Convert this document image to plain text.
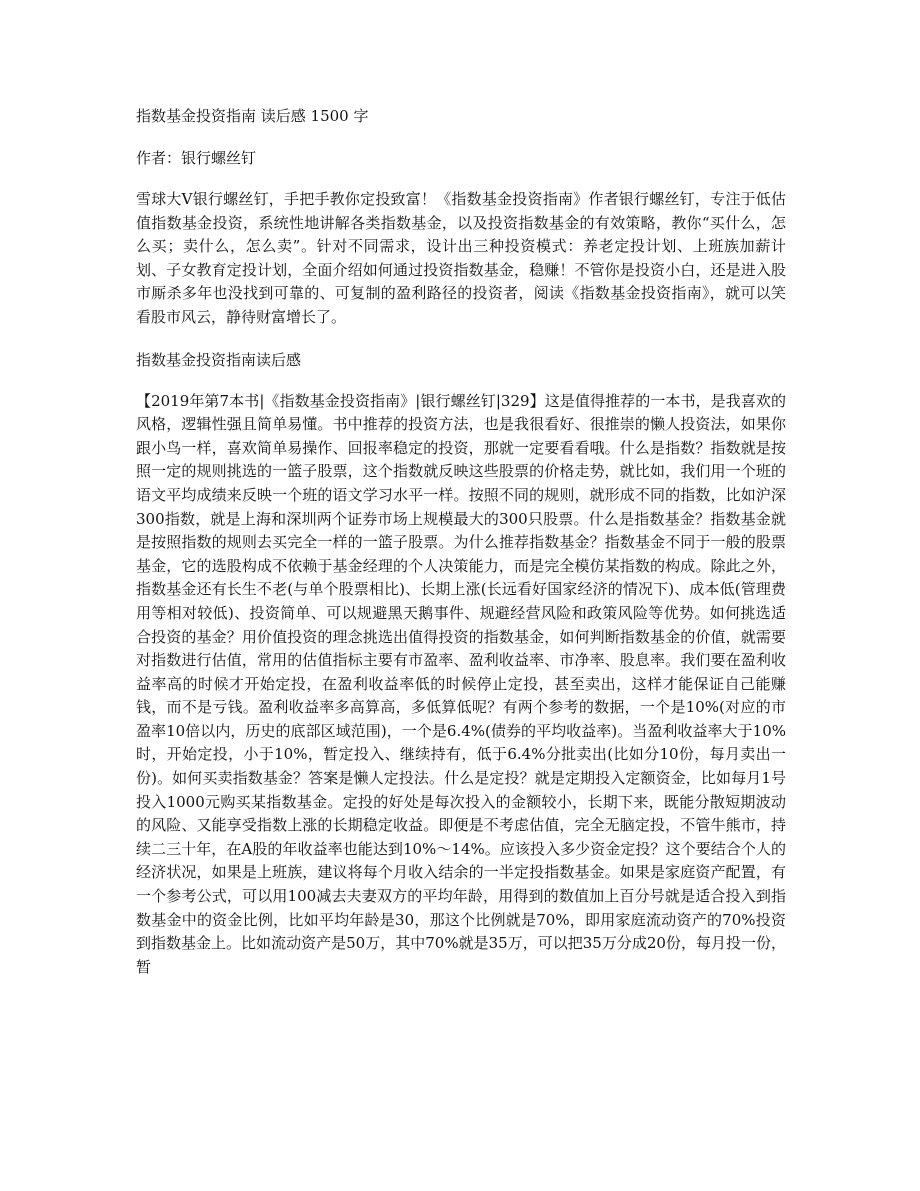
指数基金投资指南 读后感 1500 字

作者：银行螺丝钉

雪球大V银行螺丝钉，手把手教你定投致富！《指数基金投资指南》作者银行螺丝钉，专注于低估值指数基金投资，系统性地讲解各类指数基金，以及投资指数基金的有效策略，教你“买什么，怎么买；卖什么，怎么卖”。针对不同需求，设计出三种投资模式：养老定投计划、上班族加薪计划、子女教育定投计划，全面介绍如何通过投资指数基金，稳赚！不管你是投资小白，还是进入股市厮杀多年也没找到可靠的、可复制的盈利路径的投资者，阅读《指数基金投资指南》，就可以笑看股市风云，静待财富增长了。

指数基金投资指南读后感

【2019年第7本书|《指数基金投资指南》|银行螺丝钉|329】这是值得推荐的一本书，是我喜欢的风格，逻辑性强且简单易懂。书中推荐的投资方法，也是我很看好、很推崇的懒人投资法，如果你跟小鸟一样，喜欢简单易操作、回报率稳定的投资，那就一定要看看哦。什么是指数？指数就是按照一定的规则挑选的一篮子股票，这个指数就反映这些股票的价格走势，就比如，我们用一个班的语文平均成绩来反映一个班的语文学习水平一样。按照不同的规则，就形成不同的指数，比如沪深300指数，就是上海和深圳两个证券市场上规模最大的300只股票。什么是指数基金？指数基金就是按照指数的规则去买完全一样的一篮子股票。为什么推荐指数基金？指数基金不同于一般的股票基金，它的选股构成不依赖于基金经理的个人决策能力，而是完全模仿某指数的构成。除此之外，指数基金还有长生不老(与单个股票相比)、长期上涨(长远看好国家经济的情况下)、成本低(管理费用等相对较低)、投资简单、可以规避黑天鹅事件、规避经营风险和政策风险等优势。如何挑选适合投资的基金？用价值投资的理念挑选出值得投资的指数基金，如何判断指数基金的价值，就需要对指数进行估值，常用的估值指标主要有市盈率、盈利收益率、市净率、股息率。我们要在盈利收益率高的时候才开始定投，在盈利收益率低的时候停止定投，甚至卖出，这样才能保证自己能赚钱，而不是亏钱。盈利收益率多高算高，多低算低呢？有两个参考的数据，一个是10%(对应的市盈率10倍以内，历史的底部区域范围)，一个是6.4%(债券的平均收益率)。当盈利收益率大于10%时，开始定投，小于10%，暂定投入、继续持有，低于6.4%分批卖出(比如分10份，每月卖出一份)。如何买卖指数基金？答案是懒人定投法。什么是定投？就是定期投入定额资金，比如每月1号投入1000元购买某指数基金。定投的好处是每次投入的金额较小，长期下来，既能分散短期波动的风险、又能享受指数上涨的长期稳定收益。即便是不考虑估值，完全无脑定投，不管牛熊市，持续二三十年，在A股的年收益率也能达到10%～14%。应该投入多少资金定投？这个要结合个人的经济状况，如果是上班族，建议将每个月收入结余的一半定投指数基金。如果是家庭资产配置，有一个参考公式，可以用100减去夫妻双方的平均年龄，用得到的数值加上百分号就是适合投入到指数基金中的资金比例，比如平均年龄是30，那这个比例就是70%，即用家庭流动资产的70%投资到指数基金上。比如流动资产是50万，其中70%就是35万，可以把35万分成20份，每月投一份，暂
